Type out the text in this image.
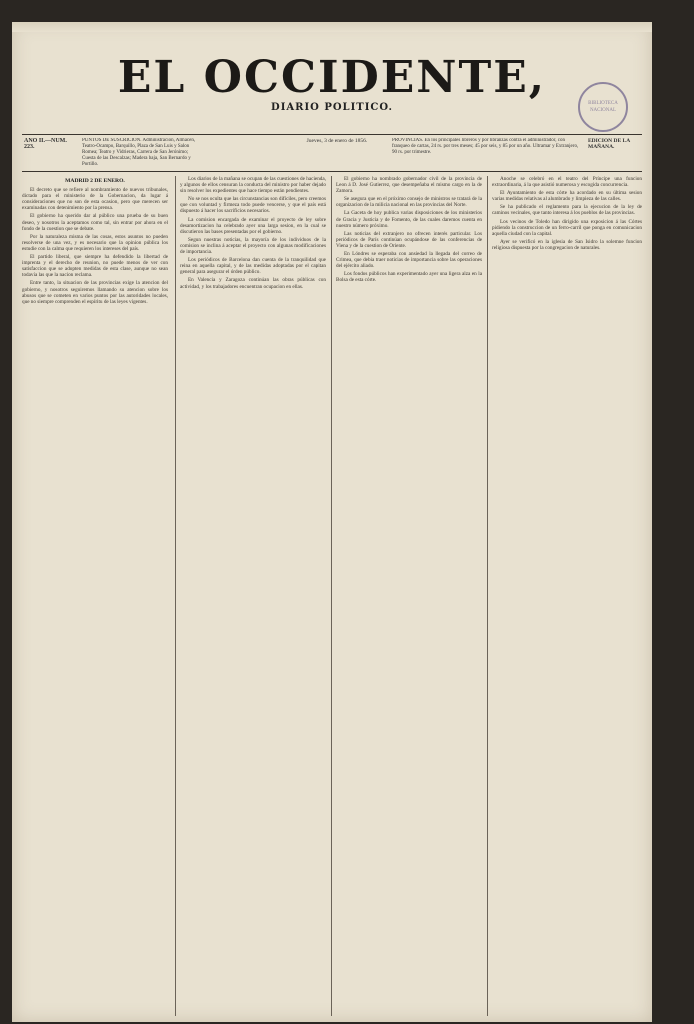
EL OCCIDENTE,
DIARIO POLITICO.	BIBLIOTECA NACIONAL
AÑO II.—NUM. 223.
PUNTOS DE SUSCRICION. Administracion, Almacen, Teatro-Ocampo, Barquillo, Plaza de San Luis y Salon Romea; Teatro y Vidrieras, Carrera de San Jerónimo; Cuesta de las Descalzas; Madera baja, San Bernardo y Portillo.
Jueves, 3 de enero de 1856.	PROVINCIAS. En los principales libreros y por libranzas contra el administrador, con franqueo de cartas, 24 rs. por tres meses; 45 por seis, y 85 por un año. Ultramar y Extranjero, 90 rs. por trimestre.
EDICION DE LA MAÑANA.
MADRID 2 DE ENERO.

El decreto que se refiere al nombramiento de nuevos tribunales, dictado para el ministerio de la Gobernacion, da lugar á consideraciones que no son de esta ocasion, pero que merecen ser examinadas con detenimiento por la prensa.

El gobierno ha querido dar al público una prueba de su buen deseo, y nosotros la aceptamos como tal, sin entrar por ahora en el fondo de la cuestion que se debate.

Por la naturaleza misma de las cosas, estos asuntos no pueden resolverse de una vez, y es necesario que la opinion pública los estudie con la calma que requieren los intereses del país.

El partido liberal, que siempre ha defendido la libertad de imprenta y el derecho de reunion, no puede menos de ver con satisfaccion que se adopten medidas de esta clase, aunque no sean todavía las que la nacion reclama.

Entre tanto, la situacion de las provincias exige la atencion del gobierno, y nosotros seguiremos llamando su atencion sobre los abusos que se cometen en varios puntos por las autoridades locales, que no siempre comprenden el espíritu de las leyes vigentes.

Los diarios de la mañana se ocupan de las cuestiones de hacienda, y algunos de ellos censuran la conducta del ministro por haber dejado sin resolver los expedientes que hace tiempo están pendientes.

No se nos oculta que las circunstancias son difíciles, pero creemos que con voluntad y firmeza todo puede vencerse, y que el país está dispuesto á hacer los sacrificios necesarios.

La comision encargada de examinar el proyecto de ley sobre desamortizacion ha celebrado ayer una larga sesion, en la cual se discutieron las bases presentadas por el gobierno.

Segun nuestras noticias, la mayoría de los individuos de la comision se inclina á aceptar el proyecto con algunas modificaciones de importancia.

Los periódicos de Barcelona dan cuenta de la tranquilidad que reina en aquella capital, y de las medidas adoptadas por el capitan general para asegurar el órden público.

En Valencia y Zaragoza continúan las obras públicas con actividad, y los trabajadores encuentran ocupacion en ellas.

El gobierno ha nombrado gobernador civil de la provincia de Leon á D. José Gutierrez, que desempeñaba el mismo cargo en la de Zamora.

Se asegura que en el próximo consejo de ministros se tratará de la organizacion de la milicia nacional en las provincias del Norte.

La Gaceta de hoy publica varias disposiciones de los ministerios de Gracia y Justicia y de Fomento, de las cuales daremos cuenta en nuestro número próximo.

Las noticias del extranjero no ofrecen interés particular. Los periódicos de París continúan ocupándose de las conferencias de Viena y de la cuestion de Oriente.

En Lóndres se esperaba con ansiedad la llegada del correo de Crimea, que debia traer noticias de importancia sobre las operaciones del ejército aliado.

Los fondos públicos han experimentado ayer una ligera alza en la Bolsa de esta córte.

Anoche se celebró en el teatro del Príncipe una funcion extraordinaria, á la que asistió numerosa y escogida concurrencia.

El Ayuntamiento de esta córte ha acordado en su última sesion varias medidas relativas al alumbrado y limpieza de las calles.

Se ha publicado el reglamento para la ejecucion de la ley de caminos vecinales, que tanto interesa á los pueblos de las provincias.

Los vecinos de Toledo han dirigido una exposicion á las Córtes pidiendo la construccion de un ferro-carril que ponga en comunicacion aquella ciudad con la capital.

Ayer se verificó en la iglesia de San Isidro la solemne funcion religiosa dispuesta por la congregacion de naturales.
